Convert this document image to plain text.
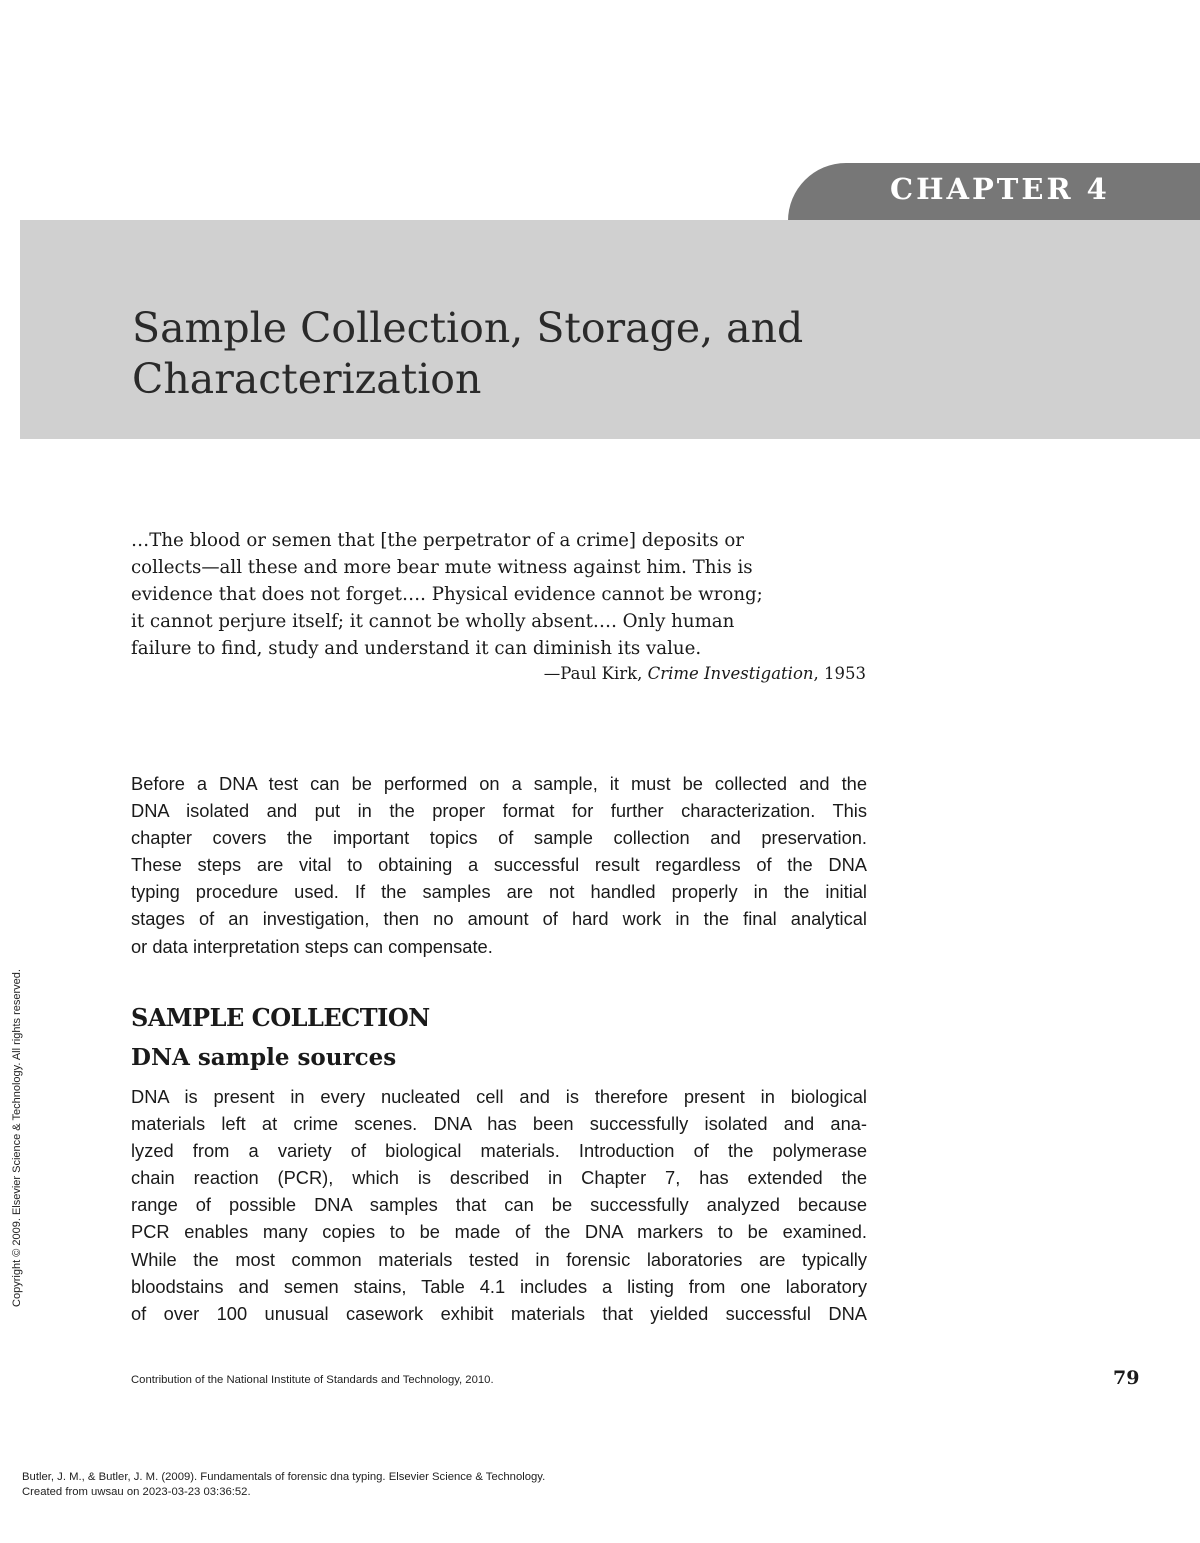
CHAPTER 4
Sample Collection, Storage, and
Characterization
…The blood or semen that [the perpetrator of a crime] deposits or
collects—all these and more bear mute witness against him. This is
evidence that does not forget…. Physical evidence cannot be wrong;
it cannot perjure itself; it cannot be wholly absent…. Only human
failure to find, study and understand it can diminish its value.
—Paul Kirk, Crime Investigation, 1953
Before a DNA test can be performed on a sample, it must be collected and the
DNA isolated and put in the proper format for further characterization. This
chapter covers the important topics of sample collection and preservation.
These steps are vital to obtaining a successful result regardless of the DNA
typing procedure used. If the samples are not handled properly in the initial
stages of an investigation, then no amount of hard work in the final analytical
or data interpretation steps can compensate.
SAMPLE COLLECTION
DNA sample sources
DNA is present in every nucleated cell and is therefore present in biological
materials left at crime scenes. DNA has been successfully isolated and ana-
lyzed from a variety of biological materials. Introduction of the polymerase
chain reaction (PCR), which is described in Chapter 7, has extended the
range of possible DNA samples that can be successfully analyzed because
PCR enables many copies to be made of the DNA markers to be examined.
While the most common materials tested in forensic laboratories are typically
bloodstains and semen stains, Table 4.1 includes a listing from one laboratory
of over 100 unusual casework exhibit materials that yielded successful DNA
Contribution of the National Institute of Standards and Technology, 2010.	79
Butler, J. M., & Butler, J. M. (2009). Fundamentals of forensic dna typing. Elsevier Science & Technology.
Created from uwsau on 2023-03-23 03:36:52.
Copyright © 2009. Elsevier Science & Technology. All rights reserved.
